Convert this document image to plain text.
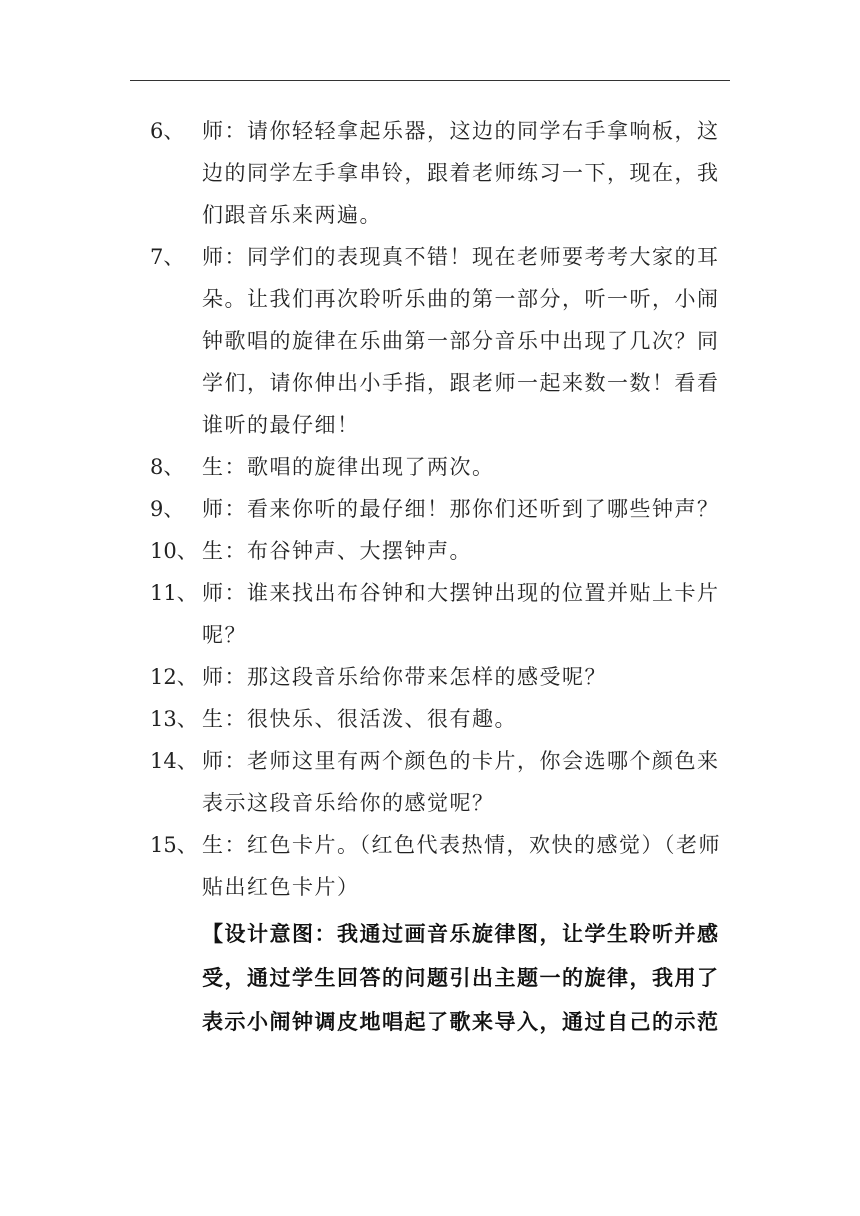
6、 师：请你轻轻拿起乐器，这边的同学右手拿响板，这边的同学左手拿串铃，跟着老师练习一下，现在，我们跟音乐来两遍。
7、 师：同学们的表现真不错！现在老师要考考大家的耳朵。让我们再次聆听乐曲的第一部分，听一听，小闹钟歌唱的旋律在乐曲第一部分音乐中出现了几次？同学们，请你伸出小手指，跟老师一起来数一数！看看谁听的最仔细！
8、 生：歌唱的旋律出现了两次。
9、 师：看来你听的最仔细！那你们还听到了哪些钟声？
10、 生：布谷钟声、大摆钟声。
11、 师：谁来找出布谷钟和大摆钟出现的位置并贴上卡片呢？
12、 师：那这段音乐给你带来怎样的感受呢？
13、 生：很快乐、很活泼、很有趣。
14、 师：老师这里有两个颜色的卡片，你会选哪个颜色来表示这段音乐给你的感觉呢？
15、 生：红色卡片。（红色代表热情，欢快的感觉）（老师贴出红色卡片）
【设计意图：我通过画音乐旋律图，让学生聆听并感受，通过学生回答的问题引出主题一的旋律，我用了表示小闹钟调皮地唱起了歌来导入，通过自己的示范
